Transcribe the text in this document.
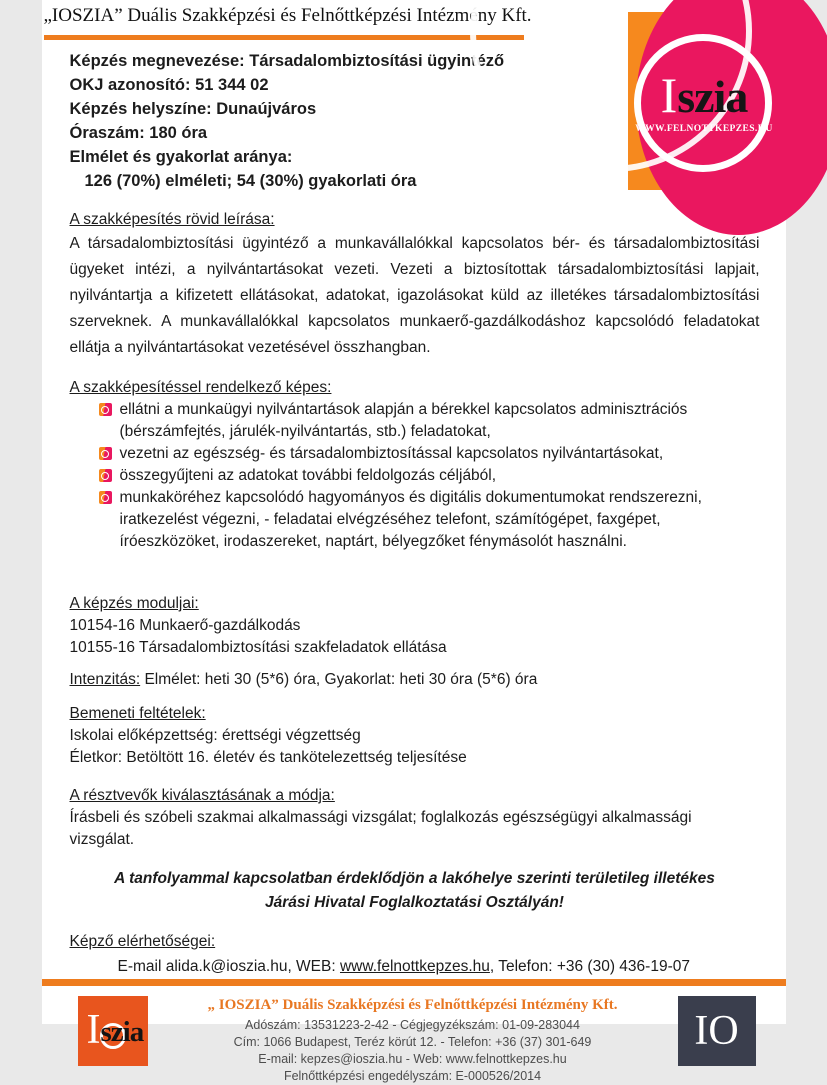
„IOSZIA” Duális Szakképzési és Felnőttképzési Intézmény Kft.
Iszia
WWW.FELNOTTKEPZES.HU
Képzés megnevezése: Társadalombiztosítási ügyintéző
OKJ azonosító: 51 344 02
Képzés helyszíne: Dunaújváros
Óraszám: 180 óra
Elmélet és gyakorlat aránya:
126 (70%) elméleti; 54 (30%) gyakorlati óra
A szakképesítés rövid leírása:

A társadalombiztosítási ügyintéző a munkavállalókkal kapcsolatos bér- és társadalombiztosítási ügyeket intézi, a nyilvántartásokat vezeti. Vezeti a biztosítottak társadalombiztosítási lapjait, nyilvántartja a kifizetett ellátásokat, adatokat, igazolásokat küld az illetékes társadalombiztosítási szerveknek. A munkavállalókkal kapcsolatos munkaerő-gazdálkodáshoz kapcsolódó feladatokat ellátja a nyilvántartásokat vezetésével összhangban.

A szakképesítéssel rendelkező képes:
ellátni a munkaügyi nyilvántartások alapján a bérekkel kapcsolatos adminisztrációs (bérszámfejtés, járulék-nyilvántartás, stb.) feladatokat,
vezetni az egészség- és társadalombiztosítással kapcsolatos nyilvántartásokat,
összegyűjteni az adatokat további feldolgozás céljából,
munkaköréhez kapcsolódó hagyományos és digitális dokumentumokat rendszerezni, iratkezelést végezni, - feladatai elvégzéséhez telefont, számítógépet, faxgépet, íróeszközöket, irodaszereket, naptárt, bélyegzőket fénymásolót használni.
A képzés moduljai:
10154-16 Munkaerő-gazdálkodás
10155-16 Társadalombiztosítási szakfeladatok ellátása
Intenzitás: Elmélet: heti 30 (5*6) óra, Gyakorlat: heti 30 óra (5*6) óra
Bemeneti feltételek:
Iskolai előképzettség: érettségi végzettség
Életkor: Betöltött 16. életév és tankötelezettség teljesítése
A résztvevők kiválasztásának a módja:
Írásbeli és szóbeli szakmai alkalmassági vizsgálat; foglalkozás egészségügyi alkalmassági vizsgálat.
A tanfolyammal kapcsolatban érdeklődjön a lakóhelye szerinti területileg illetékes Járási Hivatal Foglalkoztatási Osztályán!
Képző elérhetőségei:
E-mail alida.k@ioszia.hu, WEB: www.felnottkepzes.hu, Telefon: +36 (30) 436-19-07
I szia
„ IOSZIA” Duális Szakképzési és Felnőttképzési Intézmény Kft.
Adószám: 13531223-2-42 - Cégjegyzékszám: 01-09-283044
Cím: 1066 Budapest, Teréz körút 12. - Telefon: +36 (37) 301-649
E-mail: kepzes@ioszia.hu - Web: www.felnottkepzes.hu
Felnőttképzési engedélyszám: E-000526/2014
IO
